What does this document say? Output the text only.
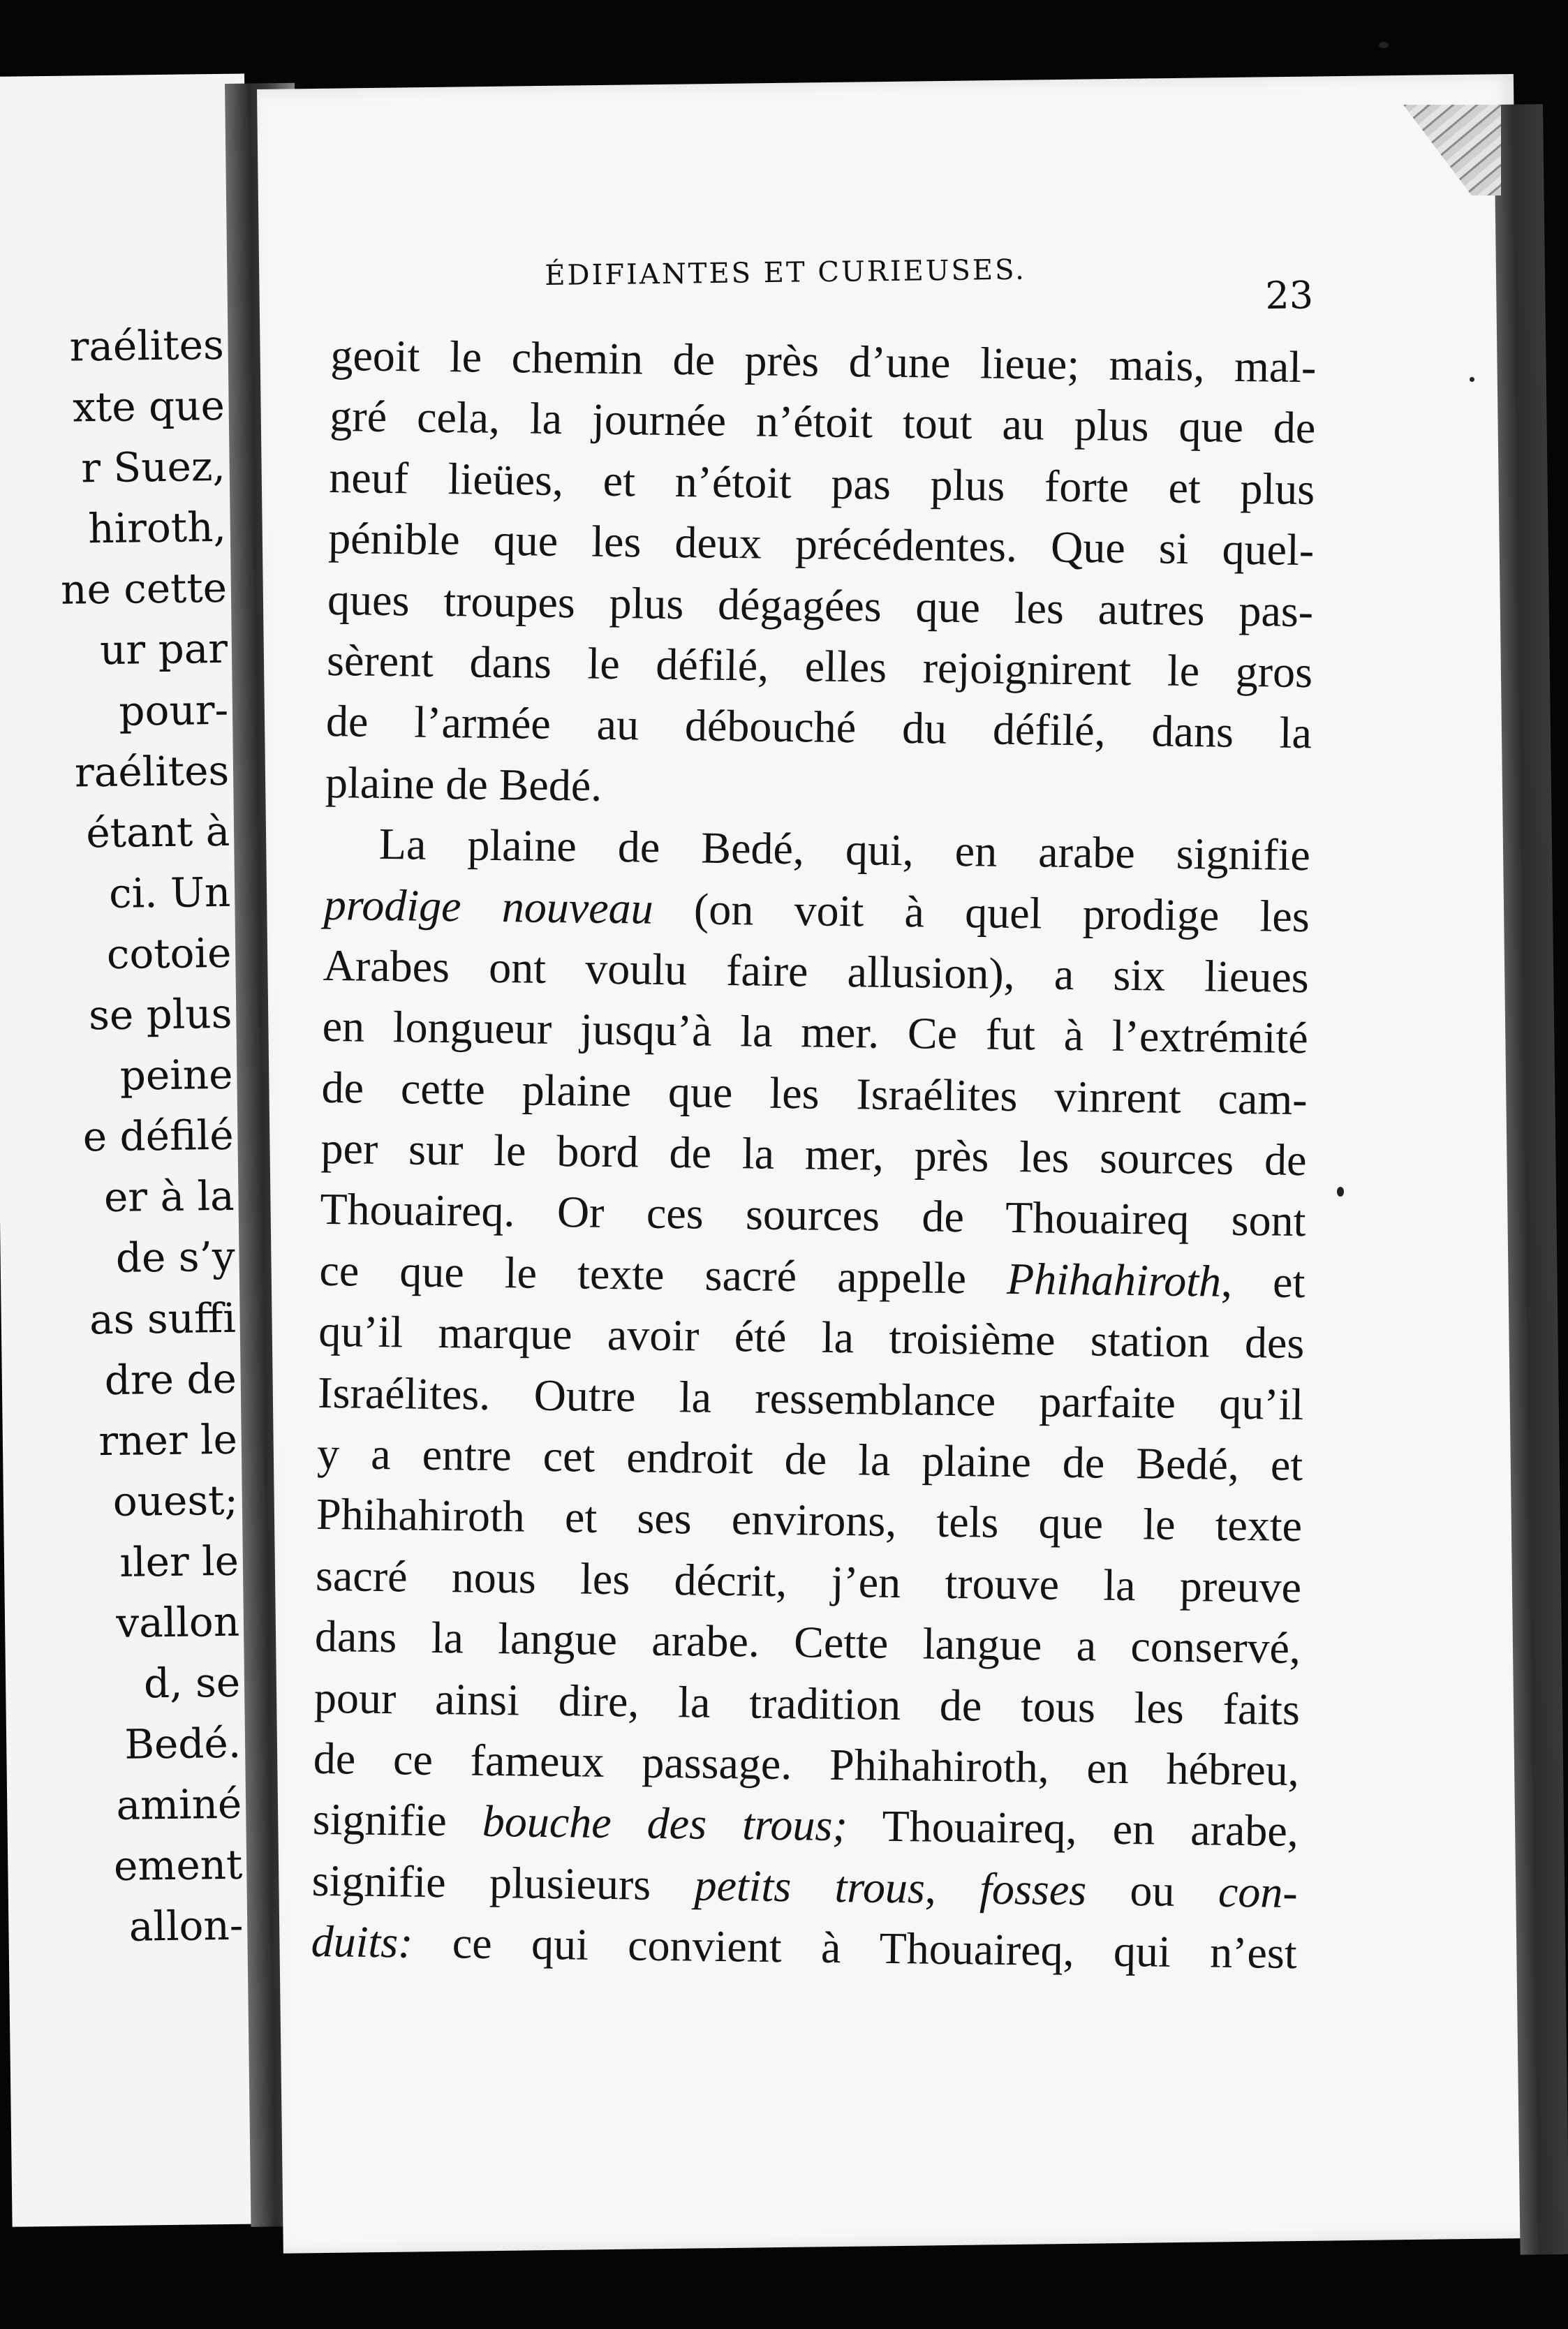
raélites
xte que
r Suez,
hiroth,
ne cette
ur par
pour-
raélites
étant à
ci. Un
cotoie
se plus
peine
e défilé
er à la
de s’y
as suffi
dre de
rner le
ouest;
ıler le
vallon
d, se
Bedé.
aminé
ement
allon-
ÉDIFIANTES ET CURIEUSES.
23
geoit le chemin de près d’une lieue; mais, mal-
gré cela, la journée n’étoit tout au plus que de
neuf lieües, et n’étoit pas plus forte et plus
pénible que les deux précédentes. Que si quel-
ques troupes plus dégagées que les autres pas-
sèrent dans le défilé, elles rejoignirent le gros
de l’armée au débouché du défilé, dans la
plaine de Bedé.
La plaine de Bedé, qui, en arabe signifie
prodige nouveau (on voit à quel prodige les
Arabes ont voulu faire allusion), a six lieues
en longueur jusqu’à la mer. Ce fut à l’extrémité
de cette plaine que les Israélites vinrent cam-
per sur le bord de la mer, près les sources de
Thouaireq. Or ces sources de Thouaireq sont
ce que le texte sacré appelle Phihahiroth, et
qu’il marque avoir été la troisième station des
Israélites. Outre la ressemblance parfaite qu’il
y a entre cet endroit de la plaine de Bedé, et
Phihahiroth et ses environs, tels que le texte
sacré nous les décrit, j’en trouve la preuve
dans la langue arabe. Cette langue a conservé,
pour ainsi dire, la tradition de tous les faits
de ce fameux passage. Phihahiroth, en hébreu,
signifie bouche des trous; Thouaireq, en arabe,
signifie plusieurs petits trous, fosses ou con-
duits: ce qui convient à Thouaireq, qui n’est
